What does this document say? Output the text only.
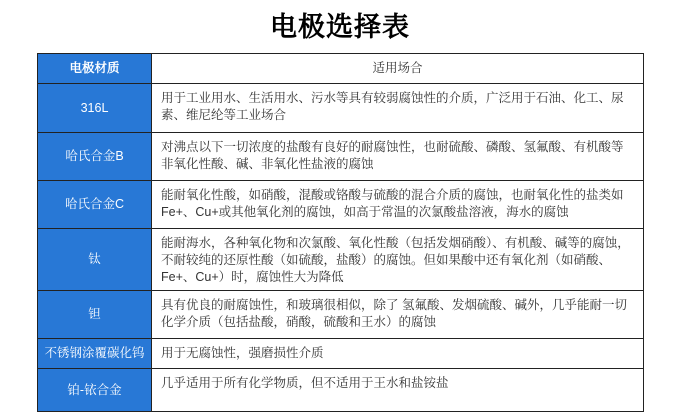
电极选择表
电极材质	适用场合
316L	用于工业用水、生活用水、污水等具有较弱腐蚀性的介质，广泛用于石油、化工、尿素、维尼纶等工业场合
哈氏合金B	对沸点以下一切浓度的盐酸有良好的耐腐蚀性，也耐硫酸、磷酸、氢氟酸、有机酸等非氧化性酸、碱、非氧化性盐液的腐蚀
哈氏合金C	能耐氧化性酸，如硝酸，混酸或铬酸与硫酸的混合介质的腐蚀，也耐氧化性的盐类如Fe+、Cu+或其他氧化剂的腐蚀，如高于常温的次氯酸盐溶液，海水的腐蚀
钛	能耐海水，各种氧化物和次氯酸、氧化性酸（包括发烟硝酸）、有机酸、碱等的腐蚀，不耐较纯的还原性酸（如硫酸，盐酸）的腐蚀。但如果酸中还有氧化剂（如硝酸、Fe+、Cu+）时，腐蚀性大为降低
钽	具有优良的耐腐蚀性，和玻璃很相似，除了 氢氟酸、发烟硫酸、碱外，几乎能耐一切化学介质（包括盐酸，硝酸，硫酸和王水）的腐蚀
不锈钢涂覆碳化钨	用于无腐蚀性，强磨损性介质
铂-铱合金	几乎适用于所有化学物质，但不适用于王水和盐铵盐
